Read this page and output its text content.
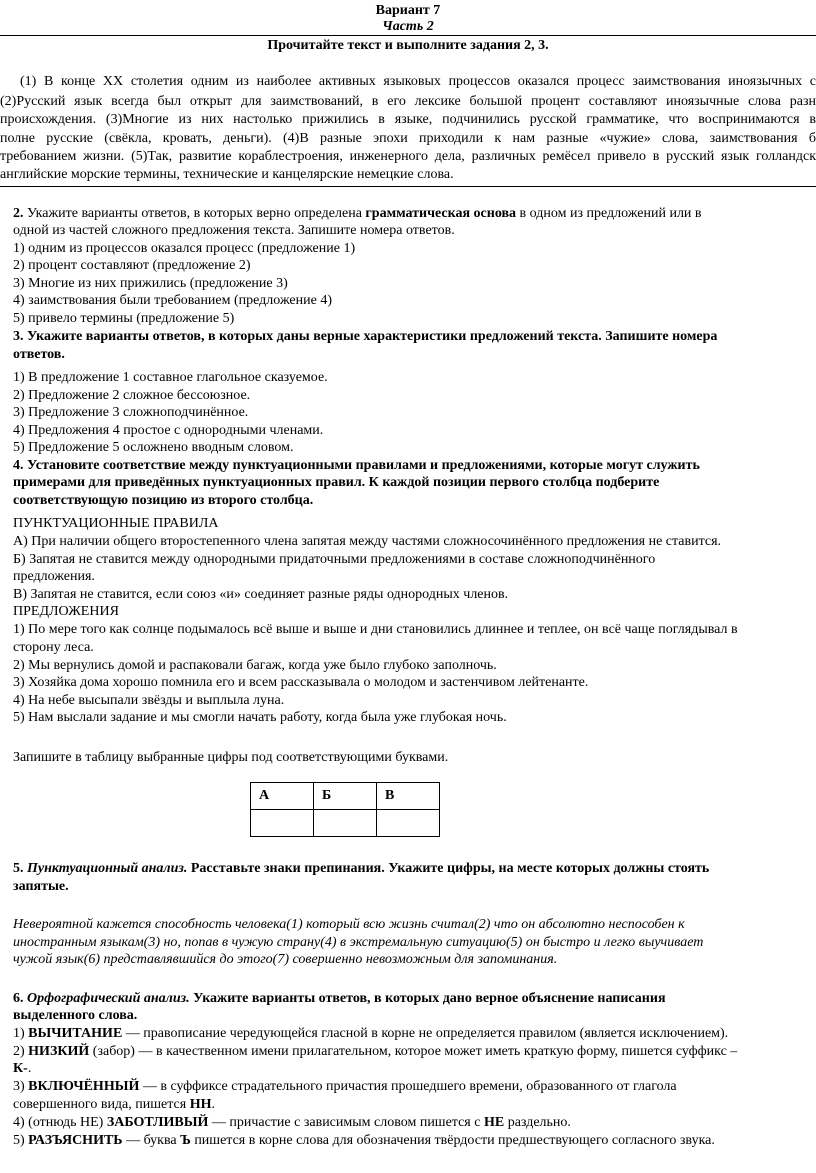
Вариант 7
Часть 2
Прочитайте текст и выполните задания 2, 3.
(1) В конце XX столетия одним из наиболее активных языковых процессов оказался процесс заимствования иноязычных с
(2)Русский язык всегда был открыт для заимствований, в его лексике большой процент составляют иноязычные слова разн
происхождения. (3)Многие из них настолько прижились в языке, подчинились русской грамматике, что воспринимаются в
полне русские (свёкла, кровать, деньги). (4)В разные эпохи приходили к нам разные «чужие» слова, заимствования б
требованием жизни. (5)Так, развитие кораблестроения, инженерного дела, различных ремёсел привело в русский язык голландск
английские морские термины, технические и канцелярские немецкие слова.
2. Укажите варианты ответов, в которых верно определена грамматическая основа в одном из предложений или в
одной из частей сложного предложения текста. Запишите номера ответов.
1) одним из процессов оказался процесс (предложение 1)
2) процент составляют (предложение 2)
3) Многие из них прижились (предложение 3)
4) заимствования были требованием (предложение 4)
5) привело термины (предложение 5)
3. Укажите варианты ответов, в которых даны верные характеристики предложений текста. Запишите номера
ответов.
1) В предложение 1 составное глагольное сказуемое.
2) Предложение 2 сложное бессоюзное.
3) Предложение 3 сложноподчинённое.
4) Предложения 4 простое с однородными членами.
5) Предложение 5 осложнено вводным словом.
4. Установите соответствие между пунктуационными правилами и предложениями, которые могут служить
примерами для приведённых пунктуационных правил. К каждой позиции первого столбца подберите
соответствующую позицию из второго столбца.
ПУНКТУАЦИОННЫЕ ПРАВИЛА
А) При наличии общего второстепенного члена запятая между частями сложносочинённого предложения не ставится.
Б) Запятая не ставится между однородными придаточными предложениями в составе сложноподчинённого
предложения.
В) Запятая не ставится, если союз «и» соединяет разные ряды однородных членов.
ПРЕДЛОЖЕНИЯ
1) По мере того как солнце подымалось всё выше и выше и дни становились длиннее и теплее, он всё чаще поглядывал в
сторону леса.
2) Мы вернулись домой и распаковали багаж, когда уже было глубоко заполночь.
3) Хозяйка дома хорошо помнила его и всем рассказывала о молодом и застенчивом лейтенанте.
4) На небе высыпали звёзды и выплыла луна.
5) Нам выслали задание и мы смогли начать работу, когда была уже глубокая ночь.
Запишите в таблицу выбранные цифры под соответствующими буквами.
А	Б	В

5. Пунктуационный анализ. Расставьте знаки препинания. Укажите цифры, на месте которых должны стоять
запятые.
Невероятной кажется способность человека(1) который всю жизнь считал(2) что он абсолютно неспособен к
иностранным языкам(3) но, попав в чужую страну(4) в экстремальную ситуацию(5) он быстро и легко выучивает
чужой язык(6) представлявшийся до этого(7) совершенно невозможным для запоминания.
6. Орфографический анализ. Укажите варианты ответов, в которых дано верное объяснение написания
выделенного слова.
1) ВЫЧИТАНИЕ — правописание чередующейся гласной в корне не определяется правилом (является исключением).
2) НИЗКИЙ (забор) — в качественном имени прилагательном, которое может иметь краткую форму, пишется суффикс –
К-.
3) ВКЛЮЧЁННЫЙ — в суффиксе страдательного причастия прошедшего времени, образованного от глагола
совершенного вида, пишется НН.
4) (отнюдь НЕ) ЗАБОТЛИВЫЙ — причастие с зависимым словом пишется с НЕ раздельно.
5) РАЗЪЯСНИТЬ — буква Ъ пишется в корне слова для обозначения твёрдости предшествующего согласного звука.
